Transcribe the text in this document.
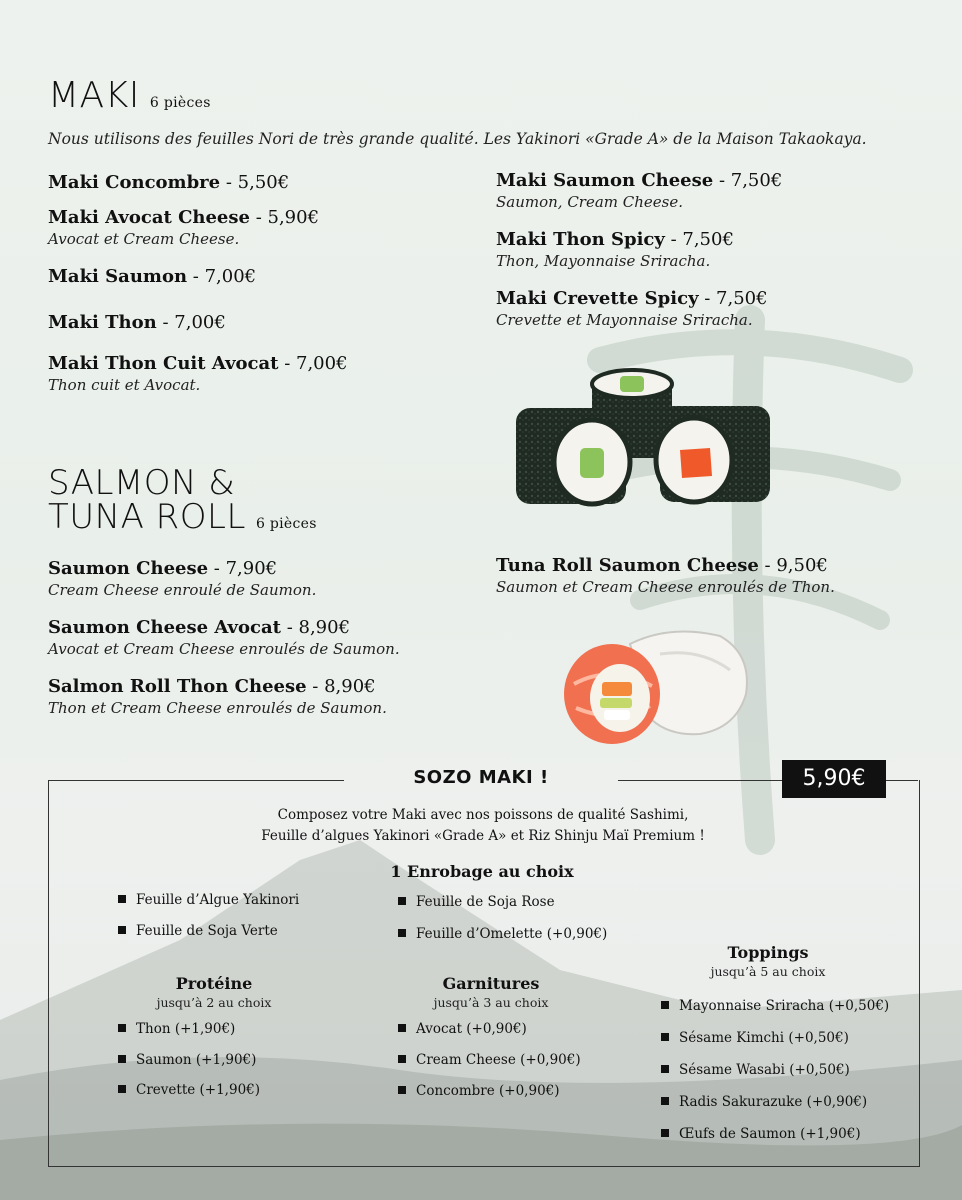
MAKI 6 pièces
Nous utilisons des feuilles Nori de très grande qualité. Les Yakinori «Grade A» de la Maison Takaokaya.
Maki Concombre - 5,50€
Maki Avocat Cheese - 5,90€
Avocat et Cream Cheese.
Maki Saumon - 7,00€
Maki Thon - 7,00€
Maki Thon Cuit Avocat - 7,00€
Thon cuit et Avocat.
Maki Saumon Cheese - 7,50€
Saumon, Cream Cheese.
Maki Thon Spicy - 7,50€
Thon, Mayonnaise Sriracha.
Maki Crevette Spicy - 7,50€
Crevette et Mayonnaise Sriracha.
SALMON &
TUNA ROLL 6 pièces
Saumon Cheese - 7,90€
Cream Cheese enroulé de Saumon.
Saumon Cheese Avocat - 8,90€
Avocat et Cream Cheese enroulés de Saumon.
Salmon Roll Thon Cheese - 8,90€
Thon et Cream Cheese enroulés de Saumon.
Tuna Roll Saumon Cheese - 9,50€
Saumon et Cream Cheese enroulés de Thon.
SOZO MAKI !	5,90€
Composez votre Maki avec nos poissons de qualité Sashimi,
Feuille d’algues Yakinori «Grade A» et Riz Shinju Maï Premium !
1 Enrobage au choix
Feuille d’Algue Yakinori
Feuille de Soja Verte
Feuille de Soja Rose
Feuille d’Omelette (+0,90€)
Protéine
jusqu’à 2 au choix
Thon (+1,90€)
Saumon (+1,90€)
Crevette (+1,90€)
Garnitures
jusqu’à 3 au choix
Avocat (+0,90€)
Cream Cheese (+0,90€)
Concombre (+0,90€)
Toppings
jusqu’à 5 au choix
Mayonnaise Sriracha (+0,50€)
Sésame Kimchi (+0,50€)
Sésame Wasabi (+0,50€)
Radis Sakurazuke (+0,90€)
Œufs de Saumon (+1,90€)
